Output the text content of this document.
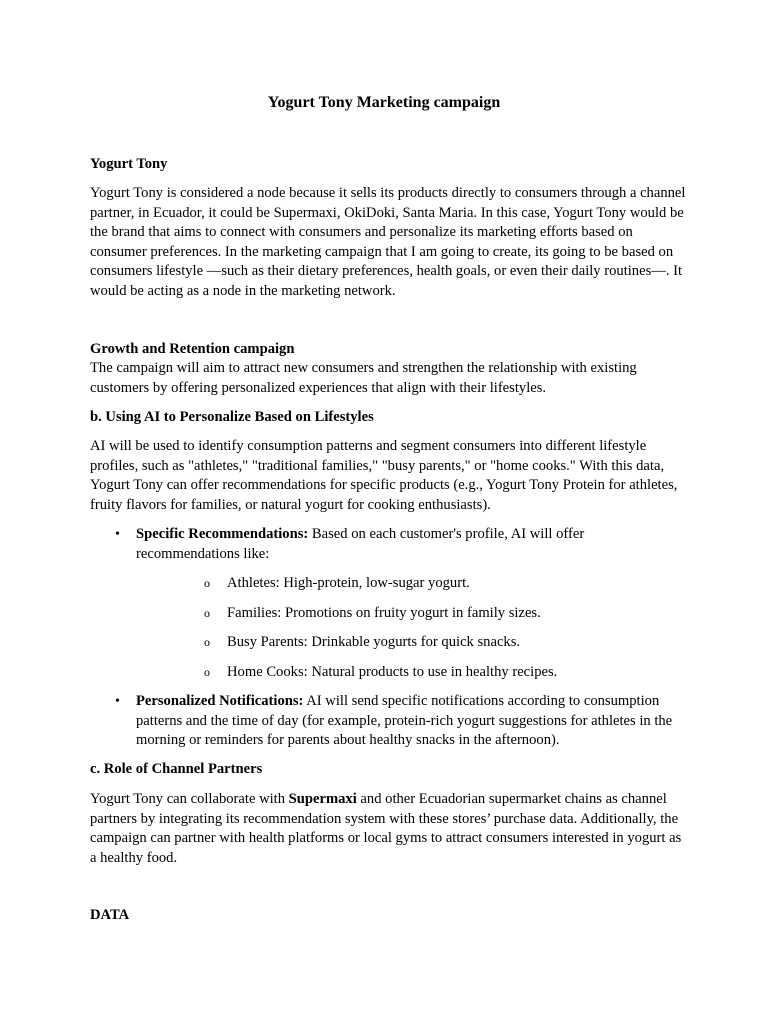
Yogurt Tony Marketing campaign
Yogurt Tony

Yogurt Tony is considered a node because it sells its products directly to consumers through a channel partner, in Ecuador, it could be Supermaxi, OkiDoki, Santa Maria. In this case, Yogurt Tony would be the brand that aims to connect with consumers and personalize its marketing efforts based on consumer preferences. In the marketing campaign that I am going to create, its going to be based on consumers lifestyle —such as their dietary preferences, health goals, or even their daily routines—. It would be acting as a node in the marketing network.

Growth and Retention campaign

The campaign will aim to attract new consumers and strengthen the relationship with existing customers by offering personalized experiences that align with their lifestyles.

b. Using AI to Personalize Based on Lifestyles

AI will be used to identify consumption patterns and segment consumers into different lifestyle profiles, such as "athletes," "traditional families," "busy parents," or "home cooks." With this data, Yogurt Tony can offer recommendations for specific products (e.g., Yogurt Tony Protein for athletes, fruity flavors for families, or natural yogurt for cooking enthusiasts).

• Specific Recommendations: Based on each customer's profile, AI will offer recommendations like:
o Athletes: High-protein, low-sugar yogurt.
o Families: Promotions on fruity yogurt in family sizes.
o Busy Parents: Drinkable yogurts for quick snacks.
o Home Cooks: Natural products to use in healthy recipes.
• Personalized Notifications: AI will send specific notifications according to consumption patterns and the time of day (for example, protein-rich yogurt suggestions for athletes in the morning or reminders for parents about healthy snacks in the afternoon).
c. Role of Channel Partners

Yogurt Tony can collaborate with Supermaxi and other Ecuadorian supermarket chains as channel partners by integrating its recommendation system with these stores’ purchase data. Additionally, the campaign can partner with health platforms or local gyms to attract consumers interested in yogurt as a healthy food.

DATA
